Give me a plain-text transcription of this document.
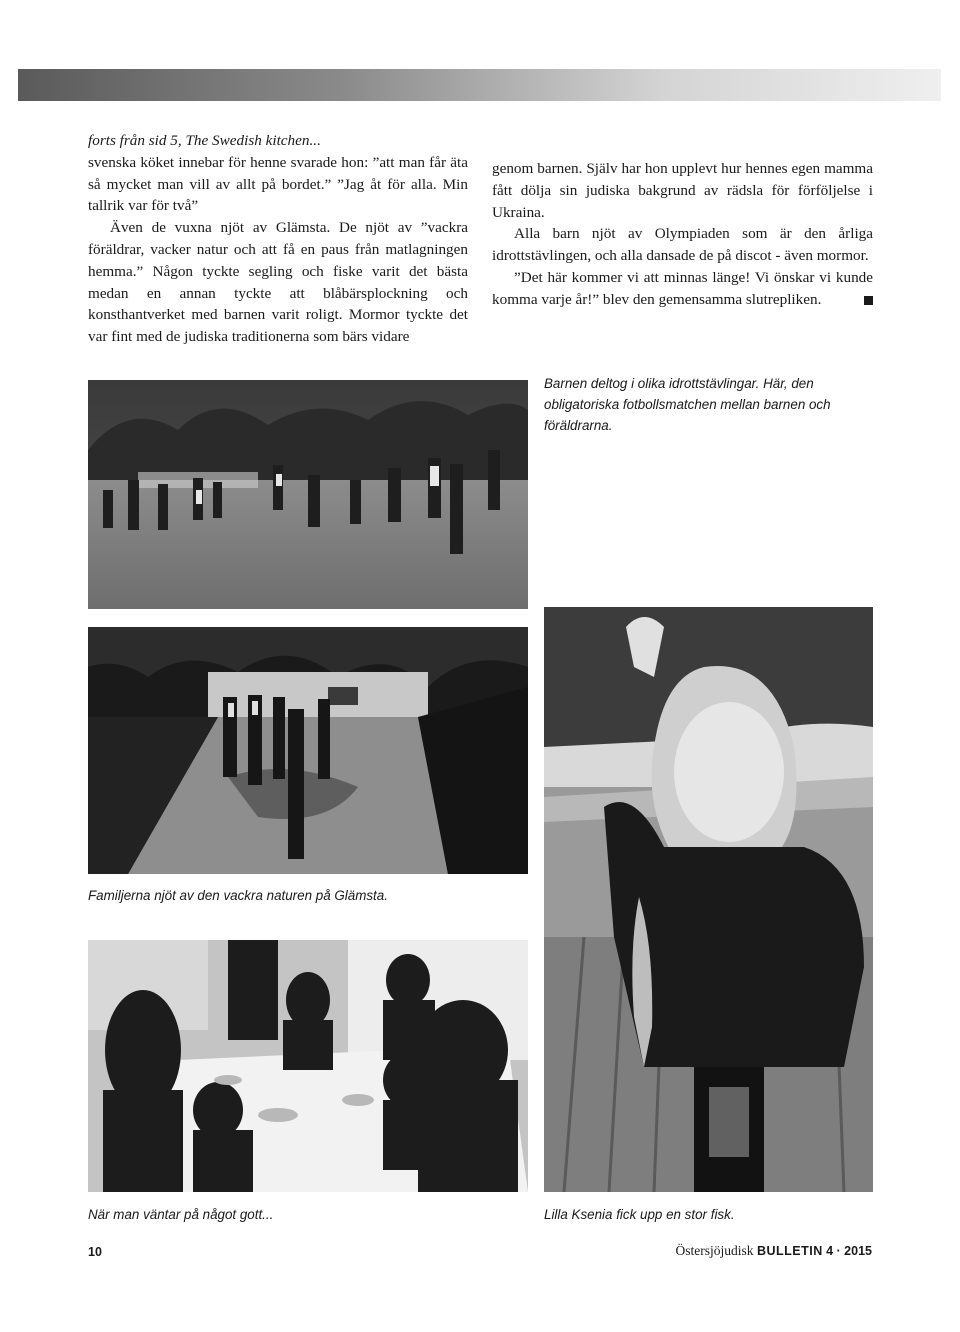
forts från sid 5, The Swedish kitchen...

svenska köket innebar för henne svarade hon: ”att man får äta så mycket man vill av allt på bordet.” ”Jag åt för alla. Min tallrik var för två”

Även de vuxna njöt av Glämsta. De njöt av ”vackra föräldrar, vacker natur och att få en paus från matlagningen hemma.” Någon tyckte segling och fiske varit det bästa medan en annan tyckte att blåbärsplockning och konsthantverket med barnen varit roligt. Mormor tyckte det var fint med de judiska traditionerna som bärs vidare

genom barnen. Själv har hon upplevt hur hennes egen mamma fått dölja sin judiska bakgrund av rädsla för förföljelse i Ukraina.

Alla barn njöt av Olympiaden som är den årliga idrottstävlingen, och alla dansade de på discot - även mormor.

”Det här kommer vi att minnas länge! Vi önskar vi kunde komma varje år!” blev den gemensamma slutrepliken.

Barnen deltog i olika idrottstävlingar. Här, den obligatoriska fotbollsmatchen mellan barnen och föräldrarna.
Familjerna njöt av den vackra naturen på Glämsta.
När man väntar på något gott...	Lilla Ksenia fick upp en stor fisk.
10	Östersjöjudisk BULLETIN 4 · 2015
